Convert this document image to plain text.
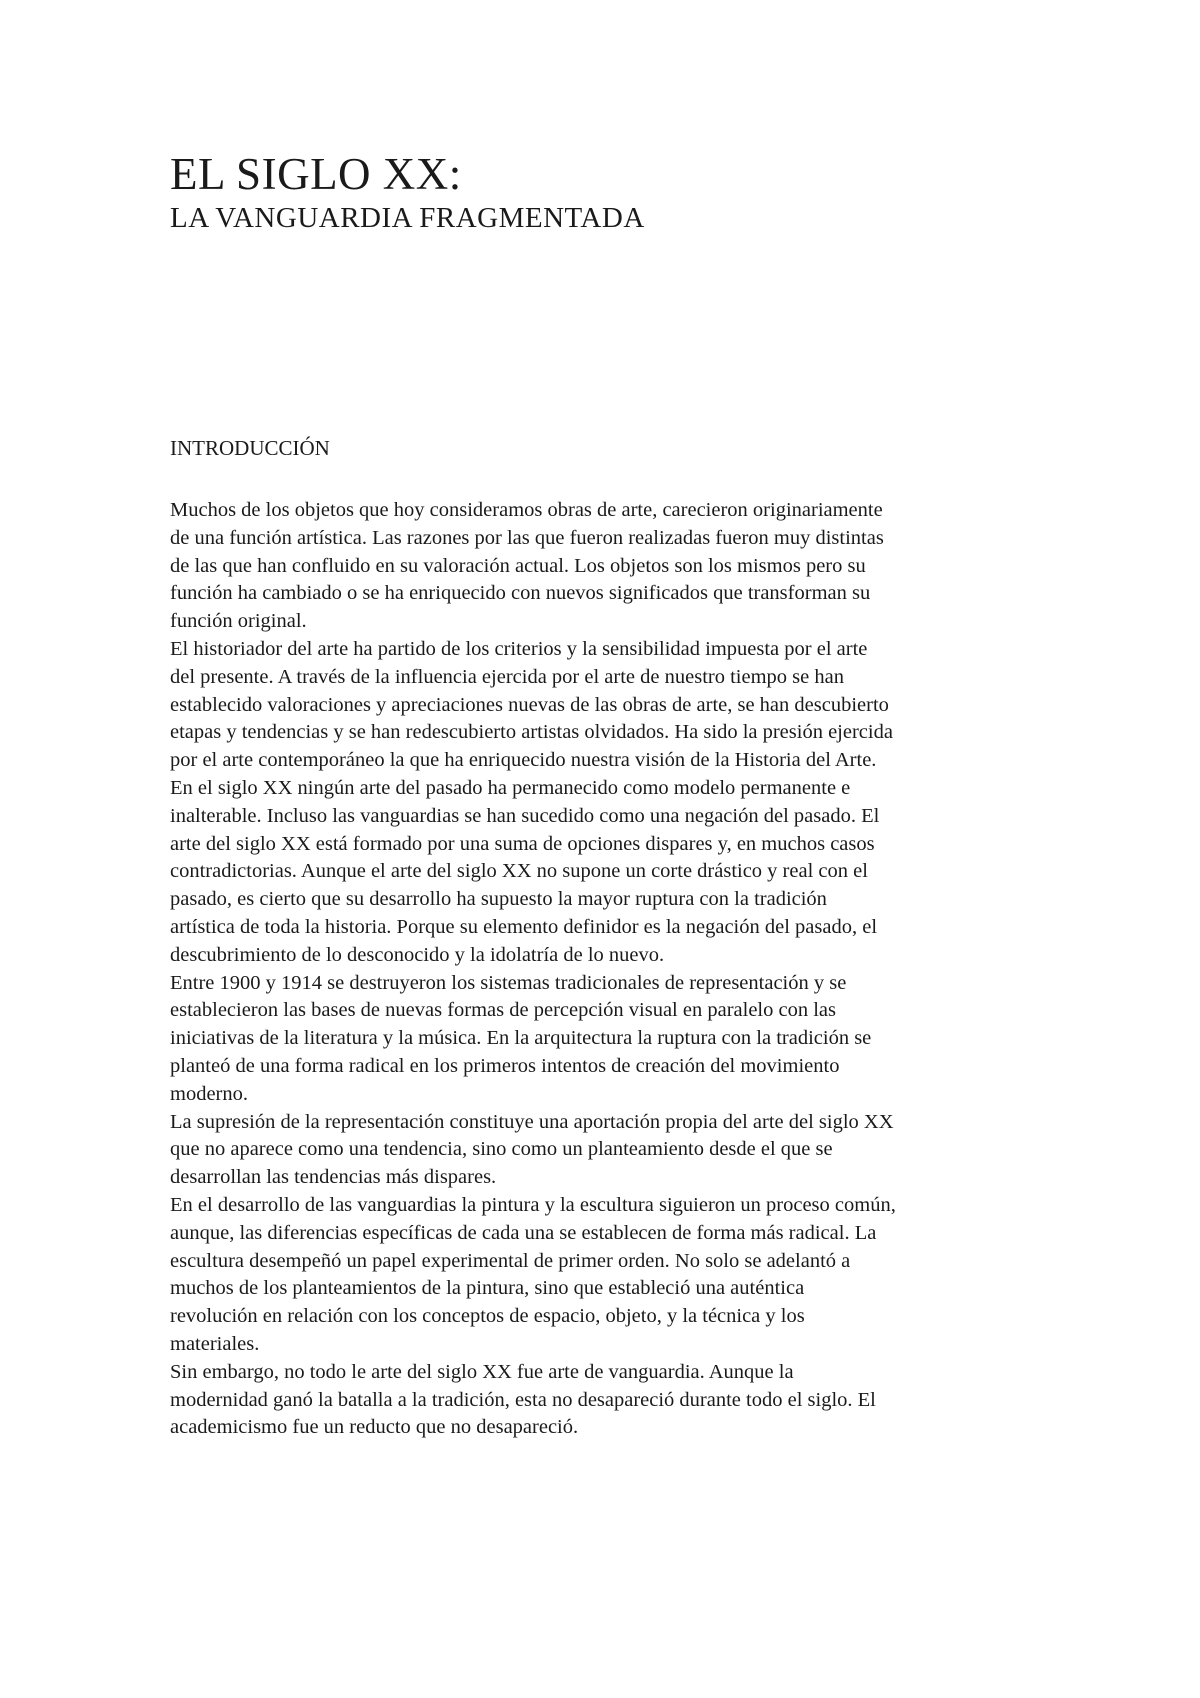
EL SIGLO XX:
LA VANGUARDIA FRAGMENTADA
INTRODUCCIÓN
Muchos de los objetos que hoy consideramos obras de arte, carecieron originariamente
de una función artística. Las razones por las que fueron realizadas fueron muy distintas
de las que han confluido en su valoración actual. Los objetos son los mismos pero su
función ha cambiado o se ha enriquecido con nuevos significados que transforman su
función original.
El historiador del arte ha partido de los criterios y la sensibilidad impuesta por el arte
del presente. A través de la influencia ejercida por el arte de nuestro tiempo se han
establecido valoraciones y apreciaciones nuevas de las obras de arte, se han descubierto
etapas y tendencias y se han redescubierto artistas olvidados. Ha sido la presión ejercida
por el arte contemporáneo la que ha enriquecido nuestra visión de la Historia del Arte.
En el siglo XX ningún arte del pasado ha permanecido como modelo permanente e
inalterable. Incluso las vanguardias se han sucedido como una negación del pasado. El
arte del siglo XX está formado por una suma de opciones dispares y, en muchos casos
contradictorias. Aunque el arte del siglo XX no supone un corte drástico y real con el
pasado, es cierto que su desarrollo ha supuesto la mayor ruptura con la tradición
artística de toda la historia. Porque su elemento definidor es la negación del pasado, el
descubrimiento de lo desconocido y la idolatría de lo nuevo.
Entre 1900 y 1914 se destruyeron los sistemas tradicionales de representación y se
establecieron las bases de nuevas formas de percepción visual en paralelo con las
iniciativas de la literatura y la música. En la arquitectura la ruptura con la tradición se
planteó de una forma radical en los primeros intentos de creación del movimiento
moderno.
La supresión de la representación constituye una aportación propia del arte del siglo XX
que no aparece como una tendencia, sino como un planteamiento desde el que se
desarrollan las tendencias más dispares.
En el desarrollo de las vanguardias la pintura y la escultura siguieron un proceso común,
aunque, las diferencias específicas de cada una se establecen de forma más radical. La
escultura desempeñó un papel experimental de primer orden. No solo se adelantó a
muchos de los planteamientos de la pintura, sino que estableció una auténtica
revolución en relación con los conceptos de espacio, objeto, y la técnica y los
materiales.
Sin embargo, no todo le arte del siglo XX fue arte de vanguardia. Aunque la
modernidad ganó la batalla a la tradición, esta no desapareció durante todo el siglo. El
academicismo fue un reducto que no desapareció.
